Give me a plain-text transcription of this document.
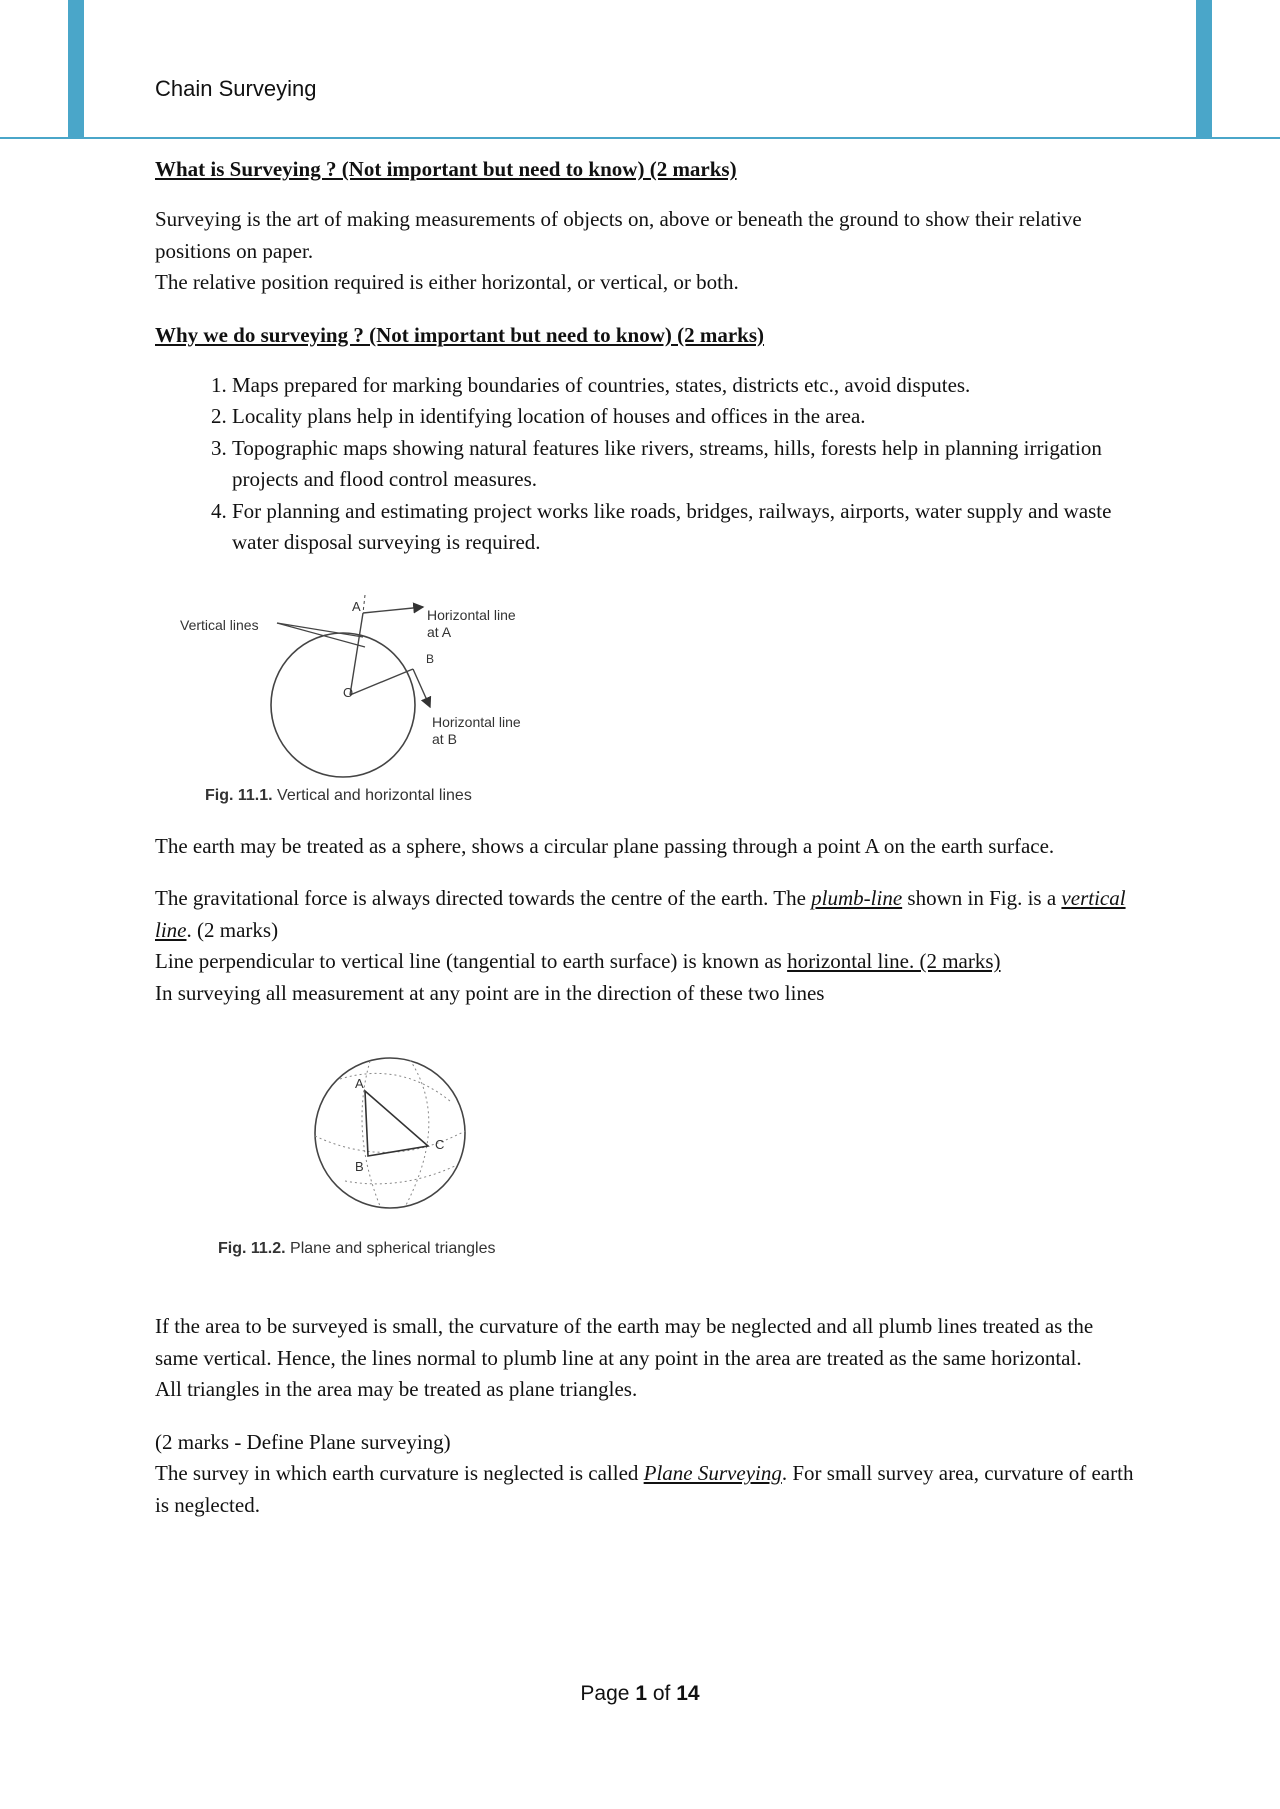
Chain Surveying
What is Surveying ? (Not important but need to know) (2 marks)

Surveying is the art of making measurements of objects on, above or beneath the ground to show their relative positions on paper.

The relative position required is either horizontal, or vertical, or both.

Why we do surveying ? (Not important but need to know) (2 marks)
1. Maps prepared for marking boundaries of countries, states, districts etc., avoid disputes.
2. Locality plans help in identifying location of houses and offices in the area.
3. Topographic maps showing natural features like rivers, streams, hills, forests help in planning irrigation projects and flood control measures.
4. For planning and estimating project works like roads, bridges, railways, airports, water supply and waste water disposal surveying is required.
Vertical lines
A
Horizontal line
at A
B
O
Horizontal line
at B
Fig. 11.1. Vertical and horizontal lines

The earth may be treated as a sphere, shows a circular plane passing through a point A on the earth surface.

The gravitational force is always directed towards the centre of the earth. The plumb-line shown in Fig. is a vertical line. (2 marks)

Line perpendicular to vertical line (tangential to earth surface) is known as horizontal line. (2 marks)

In surveying all measurement at any point are in the direction of these two lines

A
B
C
Fig. 11.2. Plane and spherical triangles

If the area to be surveyed is small, the curvature of the earth may be neglected and all plumb lines treated as the same vertical. Hence, the lines normal to plumb line at any point in the area are treated as the same horizontal.

All triangles in the area may be treated as plane triangles.

(2 marks - Define Plane surveying)

The survey in which earth curvature is neglected is called Plane Surveying. For small survey area, curvature of earth is neglected.

Page 1 of 14
